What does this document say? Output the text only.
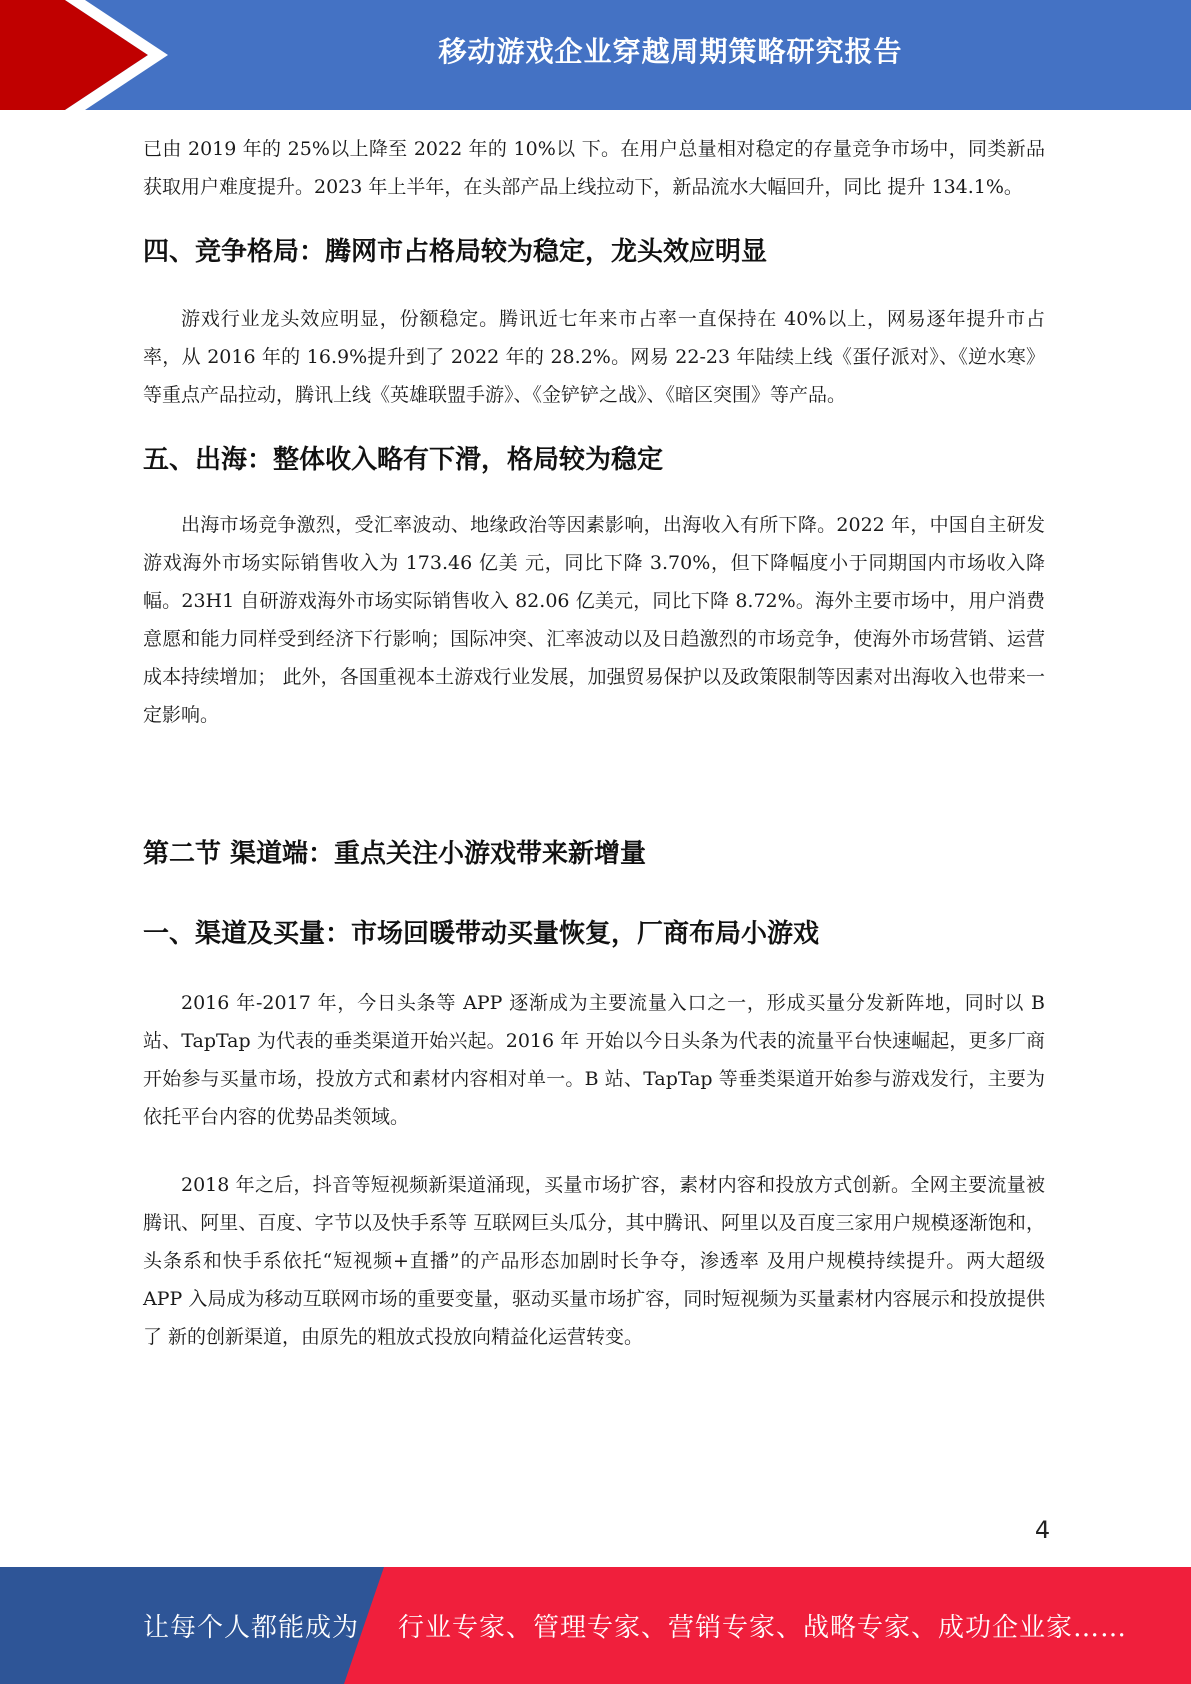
移动游戏企业穿越周期策略研究报告

已由 2019 年的 25%以上降至 2022 年的 10%以 下。在用户总量相对稳定的存量竞争市场中，同类新品获取用户难度提升。2023 年上半年，在头部产品上线拉动下，新品流水大幅回升，同比 提升 134.1%。

四、竞争格局：腾网市占格局较为稳定，龙头效应明显

游戏行业龙头效应明显，份额稳定。腾讯近七年来市占率一直保持在 40%以上，网易逐年提升市占率，从 2016 年的 16.9%提升到了 2022 年的 28.2%。网易 22-23 年陆续上线《蛋仔派对》、《逆水寒》等重点产品拉动，腾讯上线《英雄联盟手游》、《金铲铲之战》、《暗区突围》等产品。

五、出海：整体收入略有下滑，格局较为稳定

出海市场竞争激烈，受汇率波动、地缘政治等因素影响，出海收入有所下降。2022 年，中国自主研发游戏海外市场实际销售收入为 173.46 亿美 元，同比下降 3.70%，但下降幅度小于同期国内市场收入降幅。23H1 自研游戏海外市场实际销售收入 82.06 亿美元，同比下降 8.72%。海外主要市场中，用户消费意愿和能力同样受到经济下行影响；国际冲突、汇率波动以及日趋激烈的市场竞争，使海外市场营销、运营成本持续增加； 此外，各国重视本土游戏行业发展，加强贸易保护以及政策限制等因素对出海收入也带来一定影响。

第二节 渠道端：重点关注小游戏带来新增量
一、渠道及买量：市场回暖带动买量恢复，厂商布局小游戏

2016 年-2017 年，今日头条等 APP 逐渐成为主要流量入口之一，形成买量分发新阵地，同时以 B 站、TapTap 为代表的垂类渠道开始兴起。2016 年 开始以今日头条为代表的流量平台快速崛起，更多厂商开始参与买量市场，投放方式和素材内容相对单一。B 站、TapTap 等垂类渠道开始参与游戏发行，主要为依托平台内容的优势品类领域。

2018 年之后，抖音等短视频新渠道涌现，买量市场扩容，素材内容和投放方式创新。全网主要流量被腾讯、阿里、百度、字节以及快手系等 互联网巨头瓜分，其中腾讯、阿里以及百度三家用户规模逐渐饱和，头条系和快手系依托“短视频+直播”的产品形态加剧时长争夺，渗透率 及用户规模持续提升。两大超级 APP 入局成为移动互联网市场的重要变量，驱动买量市场扩容，同时短视频为买量素材内容展示和投放提供了 新的创新渠道，由原先的粗放式投放向精益化运营转变。

4
让每个人都能成为 行业专家、管理专家、营销专家、战略专家、成功企业家……
